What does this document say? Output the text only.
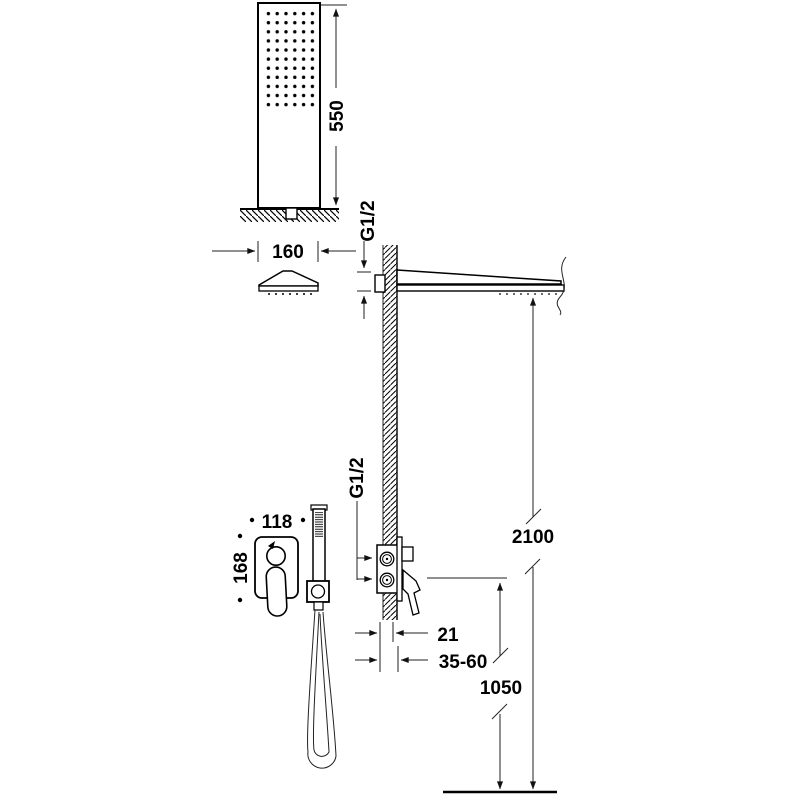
550
160
G1/2
2100
118
168
G1/2
21
35-60
1050
